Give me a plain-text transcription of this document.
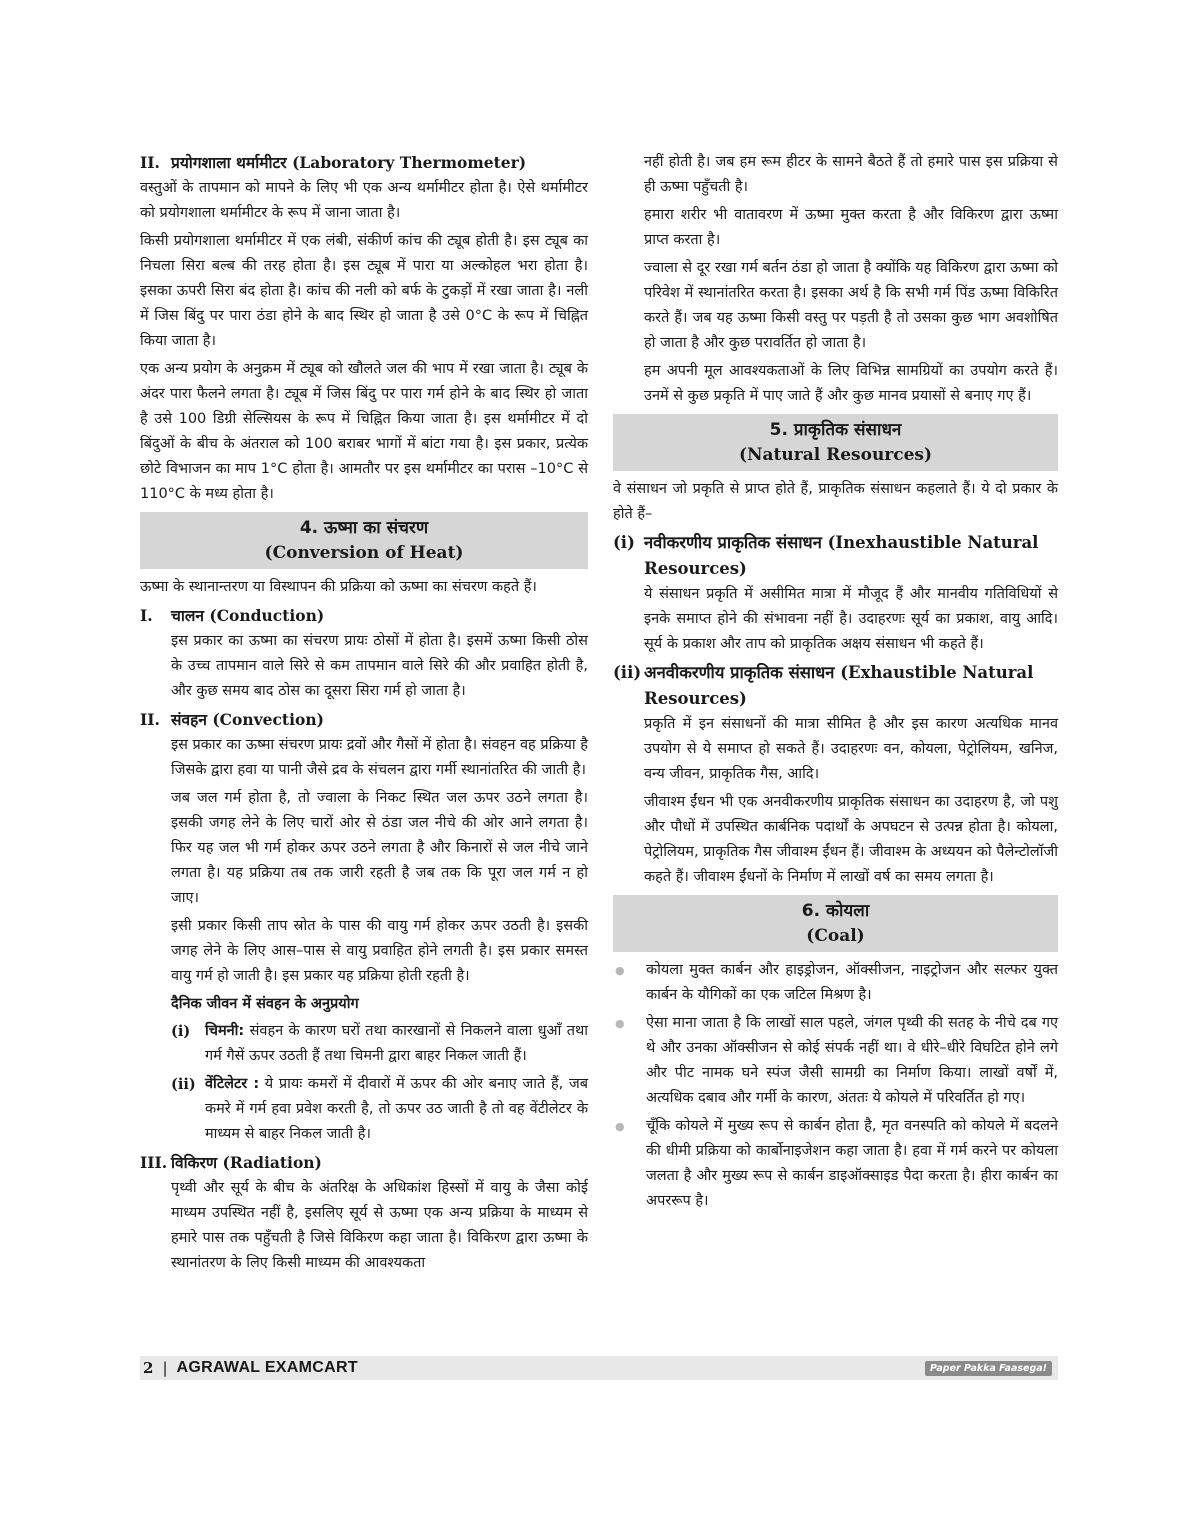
II. प्रयोगशाला थर्मामीटर (Laboratory Thermometer)

वस्तुओं के तापमान को मापने के लिए भी एक अन्य थर्मामीटर होता है। ऐसे थर्मामीटर को प्रयोगशाला थर्मामीटर के रूप में जाना जाता है।

किसी प्रयोगशाला थर्मामीटर में एक लंबी, संकीर्ण कांच की ट्यूब होती है। इस ट्यूब का निचला सिरा बल्ब की तरह होता है। इस ट्यूब में पारा या अल्कोहल भरा होता है। इसका ऊपरी सिरा बंद होता है। कांच की नली को बर्फ के टुकड़ों में रखा जाता है। नली में जिस बिंदु पर पारा ठंडा होने के बाद स्थिर हो जाता है उसे 0°C के रूप में चिह्नित किया जाता है।

एक अन्य प्रयोग के अनुक्रम में ट्यूब को खौलते जल की भाप में रखा जाता है। ट्यूब के अंदर पारा फैलने लगता है। ट्यूब में जिस बिंदु पर पारा गर्म होने के बाद स्थिर हो जाता है उसे 100 डिग्री सेल्सियस के रूप में चिह्नित किया जाता है। इस थर्मामीटर में दो बिंदुओं के बीच के अंतराल को 100 बराबर भागों में बांटा गया है। इस प्रकार, प्रत्येक छोटे विभाजन का माप 1°C होता है। आमतौर पर इस थर्मामीटर का परास –10°C से 110°C के मध्य होता है।

4. ऊष्मा का संचरण
(Conversion of Heat)

ऊष्मा के स्थानान्तरण या विस्थापन की प्रक्रिया को ऊष्मा का संचरण कहते हैं।

I.	चालन (Conduction)

इस प्रकार का ऊष्मा का संचरण प्रायः ठोसों में होता है। इसमें ऊष्मा किसी ठोस के उच्च तापमान वाले सिरे से कम तापमान वाले सिरे की और प्रवाहित होती है, और कुछ समय बाद ठोस का दूसरा सिरा गर्म हो जाता है।

II. संवहन (Convection)

इस प्रकार का ऊष्मा संचरण प्रायः द्रवों और गैसों में होता है। संवहन वह प्रक्रिया है जिसके द्वारा हवा या पानी जैसे द्रव के संचलन द्वारा गर्मी स्थानांतरित की जाती है।

जब जल गर्म होता है, तो ज्वाला के निकट स्थित जल ऊपर उठने लगता है। इसकी जगह लेने के लिए चारों ओर से ठंडा जल नीचे की ओर आने लगता है। फिर यह जल भी गर्म होकर ऊपर उठने लगता है और किनारों से जल नीचे जाने लगता है। यह प्रक्रिया तब तक जारी रहती है जब तक कि पूरा जल गर्म न हो जाए।

इसी प्रकार किसी ताप स्रोत के पास की वायु गर्म होकर ऊपर उठती है। इसकी जगह लेने के लिए आस–पास से वायु प्रवाहित होने लगती है। इस प्रकार समस्त वायु गर्म हो जाती है। इस प्रकार यह प्रक्रिया होती रहती है।

दैनिक जीवन में संवहन के अनुप्रयोग
(i)	चिमनी: संवहन के कारण घरों तथा कारखानों से निकलने वाला धुआँ तथा गर्म गैसें ऊपर उठती हैं तथा चिमनी द्वारा बाहर निकल जाती हैं।
(ii) वेंटिलेटर : ये प्रायः कमरों में दीवारों में ऊपर की ओर बनाए जाते हैं, जब कमरे में गर्म हवा प्रवेश करती है, तो ऊपर उठ जाती है तो वह वेंटीलेटर के माध्यम से बाहर निकल जाती है।
III. विकिरण (Radiation)

पृथ्वी और सूर्य के बीच के अंतरिक्ष के अधिकांश हिस्सों में वायु के जैसा कोई माध्यम उपस्थित नहीं है, इसलिए सूर्य से ऊष्मा एक अन्य प्रक्रिया के माध्यम से हमारे पास तक पहुँचती है जिसे विकिरण कहा जाता है। विकिरण द्वारा ऊष्मा के स्थानांतरण के लिए किसी माध्यम की आवश्यकता

नहीं होती है। जब हम रूम हीटर के सामने बैठते हैं तो हमारे पास इस प्रक्रिया से ही ऊष्मा पहुँचती है।

हमारा शरीर भी वातावरण में ऊष्मा मुक्त करता है और विकिरण द्वारा ऊष्मा प्राप्त करता है।

ज्वाला से दूर रखा गर्म बर्तन ठंडा हो जाता है क्योंकि यह विकिरण द्वारा ऊष्मा को परिवेश में स्थानांतरित करता है। इसका अर्थ है कि सभी गर्म पिंड ऊष्मा विकिरित करते हैं। जब यह ऊष्मा किसी वस्तु पर पड़ती है तो उसका कुछ भाग अवशोषित हो जाता है और कुछ परावर्तित हो जाता है।

हम अपनी मूल आवश्यकताओं के लिए विभिन्न सामग्रियों का उपयोग करते हैं। उनमें से कुछ प्रकृति में पाए जाते हैं और कुछ मानव प्रयासों से बनाए गए हैं।

5. प्राकृतिक संसाधन
(Natural Resources)

वे संसाधन जो प्रकृति से प्राप्त होते हैं, प्राकृतिक संसाधन कहलाते हैं। ये दो प्रकार के होते हैं–

(i) नवीकरणीय प्राकृतिक संसाधन (Inexhaustible Natural Resources)

ये संसाधन प्रकृति में असीमित मात्रा में मौजूद हैं और मानवीय गतिविधियों से इनके समाप्त होने की संभावना नहीं है। उदाहरणः सूर्य का प्रकाश, वायु आदि। सूर्य के प्रकाश और ताप को प्राकृतिक अक्षय संसाधन भी कहते हैं।

(ii) अनवीकरणीय प्राकृतिक संसाधन (Exhaustible Natural Resources)

प्रकृति में इन संसाधनों की मात्रा सीमित है और इस कारण अत्यधिक मानव उपयोग से ये समाप्त हो सकते हैं। उदाहरणः वन, कोयला, पेट्रोलियम, खनिज, वन्य जीवन, प्राकृतिक गैस, आदि।

जीवाश्म ईंधन भी एक अनवीकरणीय प्राकृतिक संसाधन का उदाहरण है, जो पशु और पौधों में उपस्थित कार्बनिक पदार्थों के अपघटन से उत्पन्न होता है। कोयला, पेट्रोलियम, प्राकृतिक गैस जीवाश्म ईंधन हैं। जीवाश्म के अध्ययन को पैलेन्टोलॉजी कहते हैं। जीवाश्म ईंधनों के निर्माण में लाखों वर्ष का समय लगता है।

6. कोयला
(Coal)
●	कोयला मुक्त कार्बन और हाइड्रोजन, ऑक्सीजन, नाइट्रोजन और सल्फर युक्त कार्बन के यौगिकों का एक जटिल मिश्रण है।
●	ऐसा माना जाता है कि लाखों साल पहले, जंगल पृथ्वी की सतह के नीचे दब गए थे और उनका ऑक्सीजन से कोई संपर्क नहीं था। वे धीरे–धीरे विघटित होने लगे और पीट नामक घने स्पंज जैसी सामग्री का निर्माण किया। लाखों वर्षों में, अत्यधिक दबाव और गर्मी के कारण, अंततः ये कोयले में परिवर्तित हो गए।
●	चूँकि कोयले में मुख्य रूप से कार्बन होता है, मृत वनस्पति को कोयले में बदलने की धीमी प्रक्रिया को कार्बोनाइजेशन कहा जाता है। हवा में गर्म करने पर कोयला जलता है और मुख्य रूप से कार्बन डाइऑक्साइड पैदा करता है। हीरा कार्बन का अपररूप है।
2 | AGRAWAL EXAMCART	Paper Pakka Faasega!
